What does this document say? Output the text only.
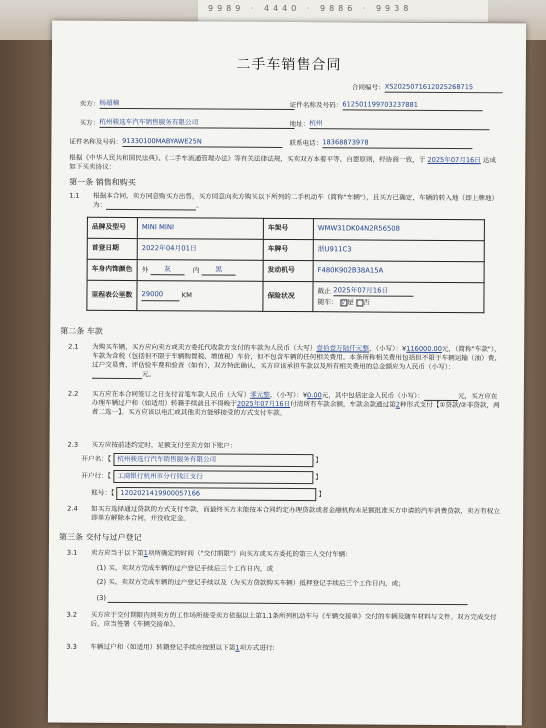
9989 · 4440 · 9886 · 9938
二手车销售合同
合同编号：XS2025071612025268715
卖方：杨超楠	证件名称及号码：612501199703237881
买方：杭州骏选车汽车销售服务有限公司	地址：杭州
证件名称及号码：91330100MABYAWE25N	联系电话：18368873978
根据《中华人民共和国民法典》、《二手车流通管理办法》等有关法律法规，买卖双方本着平等、自愿原则，经协商一致，于 2025年07月16日 达成如下买卖协议：
第一条 销售和购买
1.1 根据本合同，卖方同意购买方出售，买方同意向卖方购买以下所列的二手机动车（简称"车辆"），且买方已确定，车辆的转入地（即上牌地）为：	。
品牌及型号	MINI MINI	车架号	WMW31DK04N2R56508
首登日期	2022年04月01日	车牌号	浙U911C3
车身内饰颜色	外 灰 内 黑	发动机号	F480K902B38A15A
里程表公里数	29000 KM	保险状况	截止 2025年07月16日
随车： √ 是 否
第二条 车款
2.1 为购买车辆，买方应向卖方或卖方委托代收款方支付的车款为人民币（大写）壹拾壹万陆仟元整，（小写）：¥116000.00元，（简称"车款"），车款为含税（包括但不限于车辆购置税、增值税）车价，但不包含车辆的任何相关费用。本条所称相关费用包括但不限于车辆运输（油）费、过户交易费、评估验车费和验查（如有），双方特此确认，买方应该承担车款以及所有相关费用的总金额应为人民币（小写）：元。
2.2 买方应在本合同签订之日支付首笔车款人民币（大写）零元整，（小写）：¥0.00元，其中包括定金人民币（小写）：	元，买方应在办理车辆过户和（如适用）转籍手续前且不得晚于2025年07月16日付清所有车款余额。车款余款通过第2种形式支付【①贷款/②非贷款，两者二选一】。买方应该以电汇或其他卖方能够接受的方式支付车款。
2.3 买方应按前述约定时，足额支付至卖方如下账户：
开户名：【 杭州骏选行汽车销售服务有限公司	】
开户行：【 工商银行杭州市分行钱江支行	】
账号：【 1202021419900057166	】
2.4 如买方选择通过贷款的方式支付车款，而最终买方未能按本合同约定办理贷款或者金融机构未足额批准买方申请的汽车消费贷款，卖方有权立即单方解除本合同，并没收定金。
第三条 交付与过户登记
3.1 卖方应当于以下第1项所确定的时间（"交付期限"）向买方或买方委托的第三人交付车辆：
(1) 买、卖双方完成车辆的过户登记手续后三个工作日内，或
(2) 买、卖双方完成车辆的过户登记手续以及（为买方贷款购买车辆）抵押登记手续后三个工作日内，或；
(3)
3.2 买方应于交付期限内到卖方的工作场所接受卖方依据以上第1.1条所列机动车与《车辆交接单》交付的车辆及随车材料与文件。双方完成交付后，应当签署《车辆交接单》。
3.3 车辆过户和（如适用）转籍登记手续应按照以下第1项方式进行:
